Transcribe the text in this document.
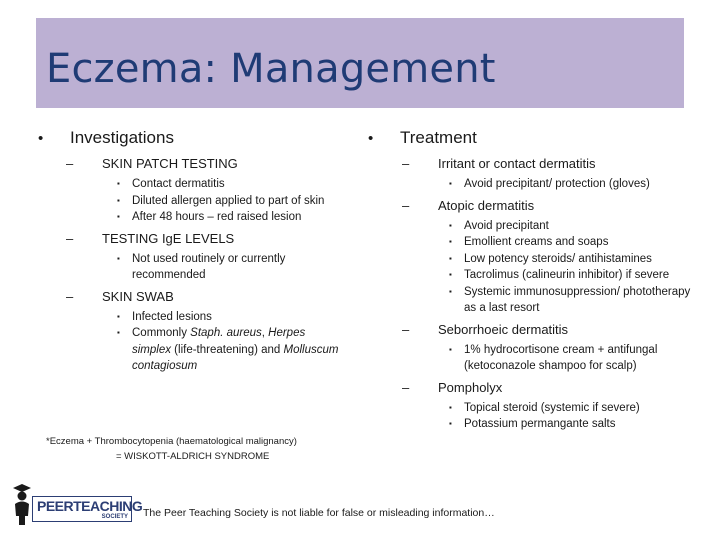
Eczema: Management
•	Investigations
–	SKIN PATCH TESTING
▪	Contact dermatitis
▪	Diluted allergen applied to part of skin
▪	After 48 hours – red raised lesion
–	TESTING IgE LEVELS
▪	Not used routinely or currently recommended
–	SKIN SWAB
▪	Infected lesions
▪	Commonly Staph. aureus, Herpes simplex (life-threatening) and Molluscum contagiosum
*Eczema + Thrombocytopenia (haematological malignancy)
= WISKOTT-ALDRICH SYNDROME
•	Treatment
–	Irritant or contact dermatitis
▪	Avoid precipitant/ protection (gloves)
–	Atopic dermatitis
▪	Avoid precipitant
▪	Emollient creams and soaps
▪	Low potency steroids/ antihistamines
▪	Tacrolimus (calineurin inhibitor) if severe
▪	Systemic immunosuppression/ phototherapy as a last resort
–	Seborrhoeic dermatitis
▪	1% hydrocortisone cream + antifungal (ketoconazole shampoo for scalp)
–	Pompholyx
▪	Topical steroid (systemic if severe)
▪	Potassium permangante salts
PEERTEACHING
SOCIETY The Peer Teaching Society is not liable for false or misleading information…
